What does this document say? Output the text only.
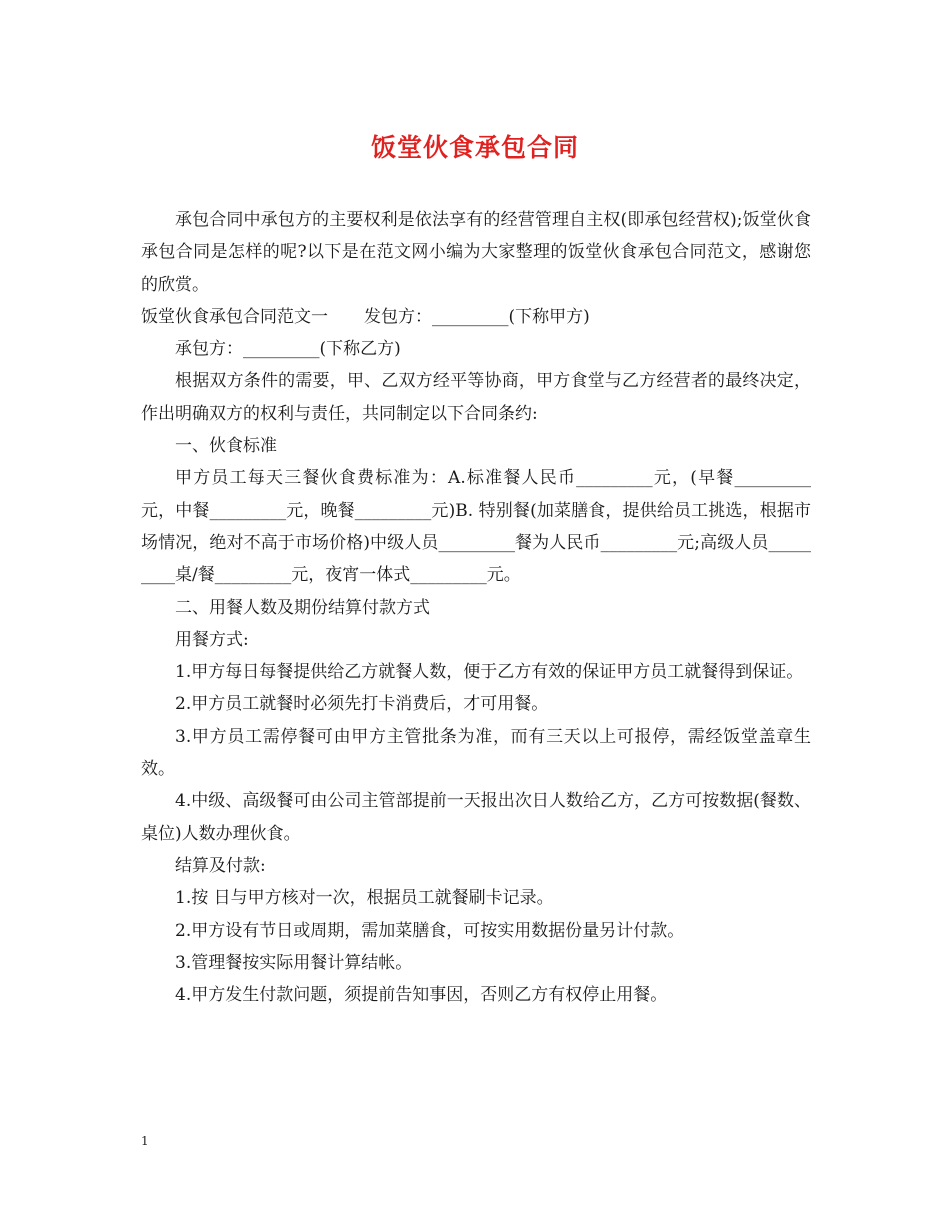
饭堂伙食承包合同

承包合同中承包方的主要权利是依法享有的经营管理自主权(即承包经营权);饭堂伙食承包合同是怎样的呢?以下是在范文网小编为大家整理的饭堂伙食承包合同范文，感谢您的欣赏。

饭堂伙食承包合同范文一 发包方：_________(下称甲方)

承包方：_________(下称乙方)

根据双方条件的需要，甲、乙双方经平等协商，甲方食堂与乙方经营者的最终决定，作出明确双方的权利与责任，共同制定以下合同条约:

一、伙食标准

甲方员工每天三餐伙食费标准为：A.标准餐人民币_________元，(早餐_________元，中餐_________元，晚餐_________元)B. 特别餐(加菜膳食，提供给员工挑选，根据市场情况，绝对不高于市场价格)中级人员_________餐为人民币_________元;高级人员_________桌/餐_________元，夜宵一体式_________元。

二、用餐人数及期份结算付款方式

用餐方式:

1.甲方每日每餐提供给乙方就餐人数，便于乙方有效的保证甲方员工就餐得到保证。

2.甲方员工就餐时必须先打卡消费后，才可用餐。

3.甲方员工需停餐可由甲方主管批条为准，而有三天以上可报停，需经饭堂盖章生效。

4.中级、高级餐可由公司主管部提前一天报出次日人数给乙方，乙方可按数据(餐数、桌位)人数办理伙食。

结算及付款:

1.按 日与甲方核对一次，根据员工就餐刷卡记录。

2.甲方设有节日或周期，需加菜膳食，可按实用数据份量另计付款。

3.管理餐按实际用餐计算结帐。

4.甲方发生付款问题，须提前告知事因，否则乙方有权停止用餐。

1
